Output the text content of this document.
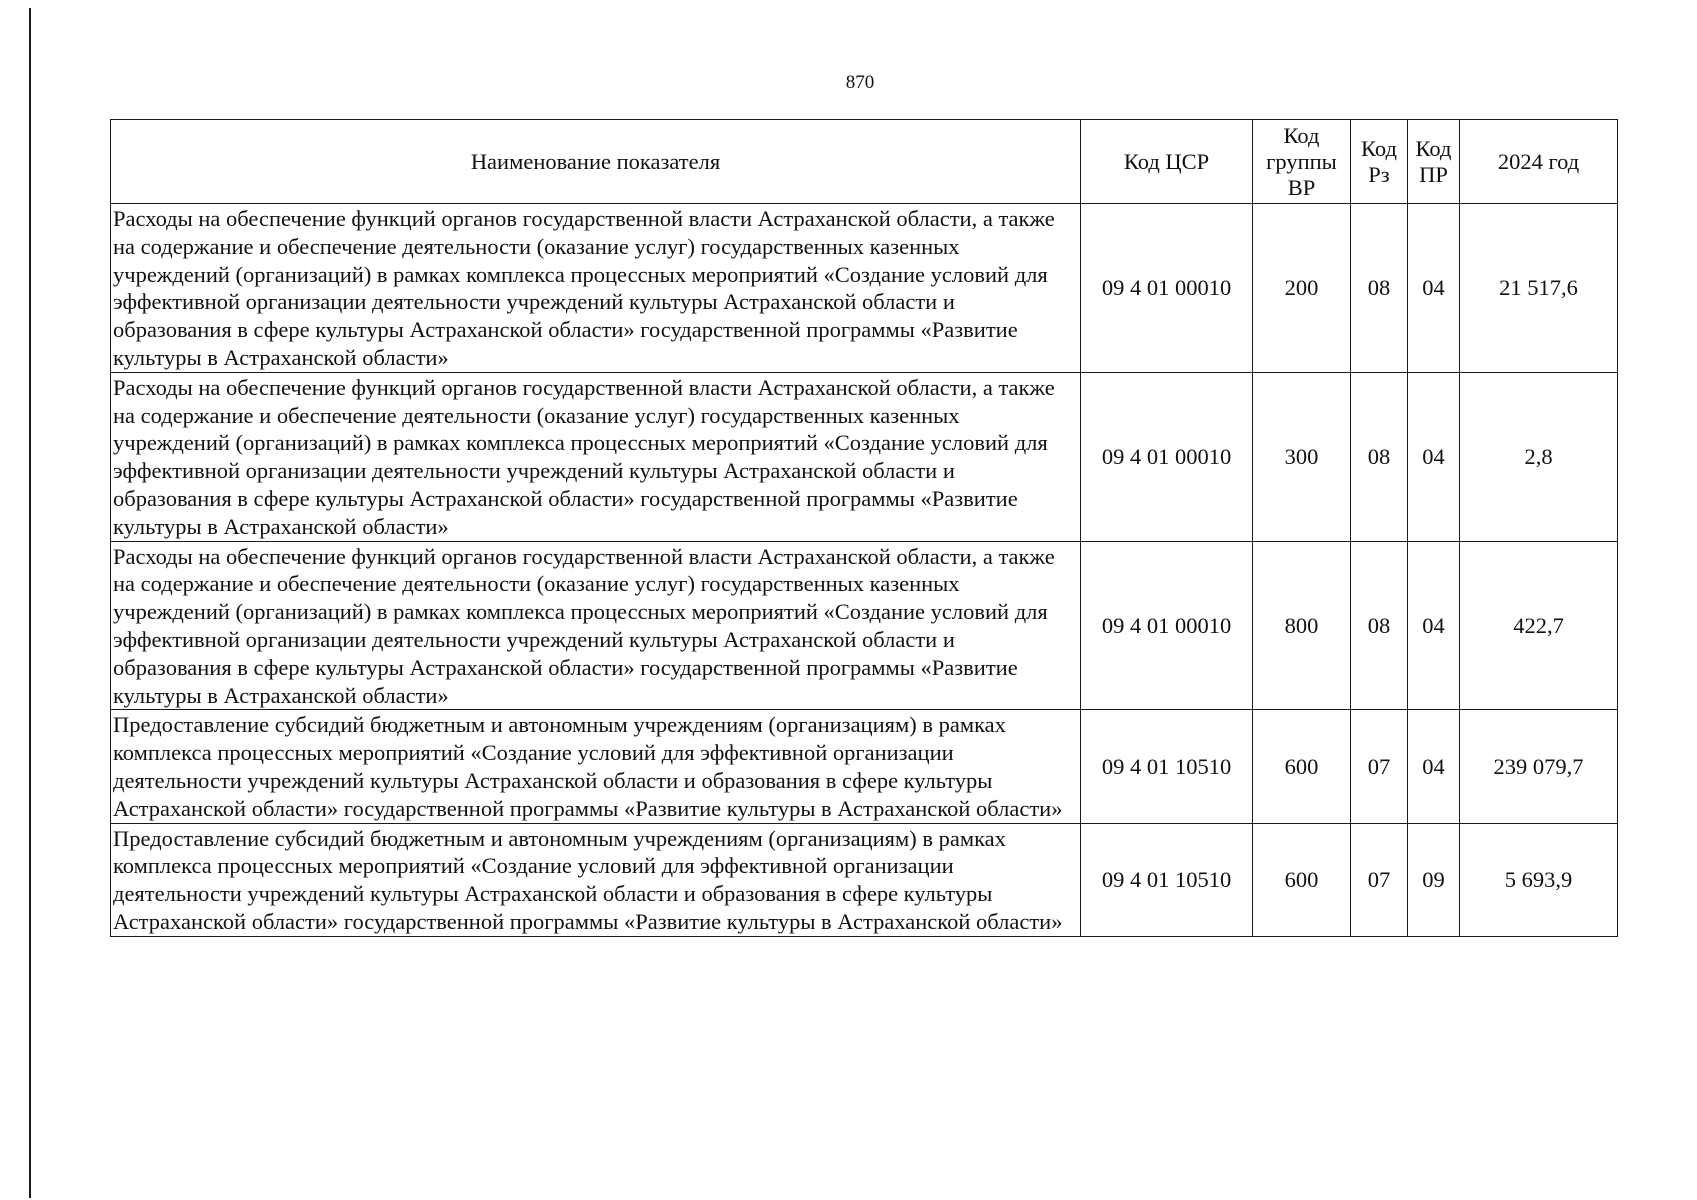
870
Наименование показателя	Код ЦСР	Код группы ВР	Код Рз	Код ПР	2024 год
Расходы на обеспечение функций органов государственной власти Астраханской области, а также на содержание и обеспечение деятельности (оказание услуг) государственных казенных учреждений (организаций) в рамках комплекса процессных мероприятий «Создание условий для эффективной организации деятельности учреждений культуры Астраханской области и образования в сфере культуры Астраханской области» государственной программы «Развитие культуры в Астраханской области»	09 4 01 00010	200	08	04	21 517,6
Расходы на обеспечение функций органов государственной власти Астраханской области, а также на содержание и обеспечение деятельности (оказание услуг) государственных казенных учреждений (организаций) в рамках комплекса процессных мероприятий «Создание условий для эффективной организации деятельности учреждений культуры Астраханской области и образования в сфере культуры Астраханской области» государственной программы «Развитие культуры в Астраханской области»	09 4 01 00010	300	08	04	2,8
Расходы на обеспечение функций органов государственной власти Астраханской области, а также на содержание и обеспечение деятельности (оказание услуг) государственных казенных учреждений (организаций) в рамках комплекса процессных мероприятий «Создание условий для эффективной организации деятельности учреждений культуры Астраханской области и образования в сфере культуры Астраханской области» государственной программы «Развитие культуры в Астраханской области»	09 4 01 00010	800	08	04	422,7
Предоставление субсидий бюджетным и автономным учреждениям (организациям) в рамках комплекса процессных мероприятий «Создание условий для эффективной организации деятельности учреждений культуры Астраханской области и образования в сфере культуры Астраханской области» государственной программы «Развитие культуры в Астраханской области»	09 4 01 10510	600	07	04	239 079,7
Предоставление субсидий бюджетным и автономным учреждениям (организациям) в рамках комплекса процессных мероприятий «Создание условий для эффективной организации деятельности учреждений культуры Астраханской области и образования в сфере культуры Астраханской области» государственной программы «Развитие культуры в Астраханской области»	09 4 01 10510	600	07	09	5 693,9
